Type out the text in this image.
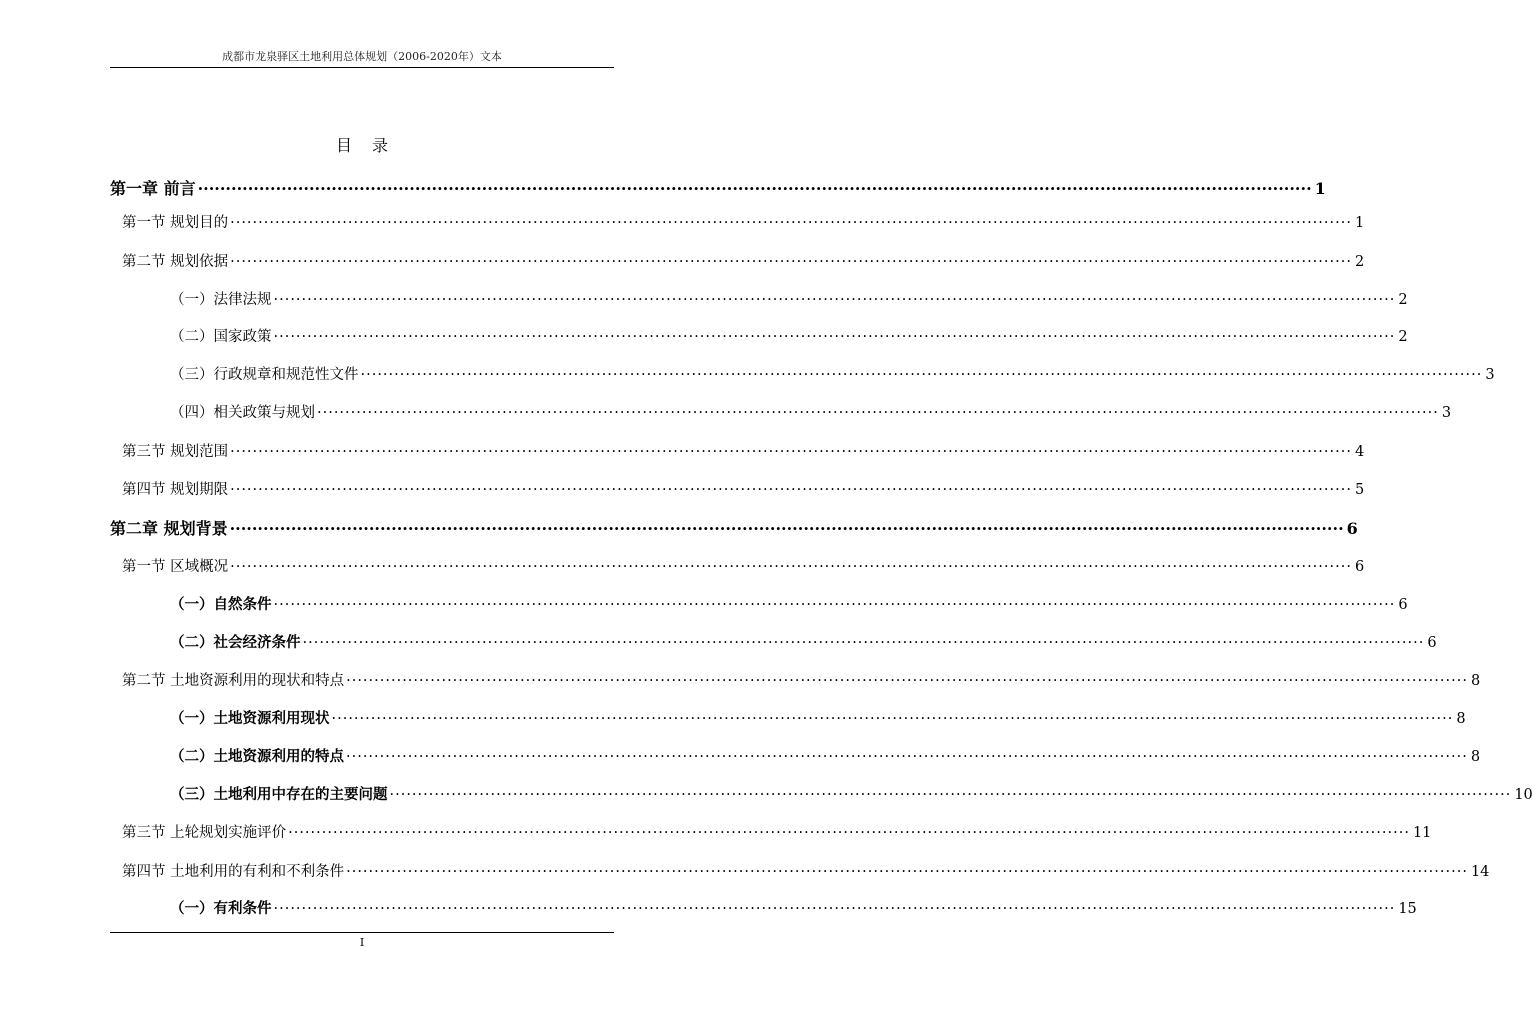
成都市龙泉驿区土地利用总体规划（2006-2020年）文本
目录
第一章 前言 ········································································································································································································ 1
第一节 规划目的 ········································································································································································································ 1
第二节 规划依据 ········································································································································································································ 2
（一）法律法规 ········································································································································································································ 2
（二）国家政策 ········································································································································································································ 2
（三）行政规章和规范性文件 ········································································································································································································ 3
（四）相关政策与规划 ········································································································································································································ 3
第三节 规划范围 ········································································································································································································ 4
第四节 规划期限 ········································································································································································································ 5
第二章 规划背景 ········································································································································································································ 6
第一节 区域概况 ········································································································································································································ 6
（一）自然条件 ········································································································································································································ 6
（二）社会经济条件 ········································································································································································································ 6
第二节 土地资源利用的现状和特点 ········································································································································································································ 8
（一）土地资源利用现状 ········································································································································································································ 8
（二）土地资源利用的特点 ········································································································································································································ 8
（三）土地利用中存在的主要问题 ········································································································································································································ 10
第三节 上轮规划实施评价 ········································································································································································································ 11
第四节 土地利用的有利和不利条件 ········································································································································································································ 14
（一）有利条件 ········································································································································································································ 15
I
